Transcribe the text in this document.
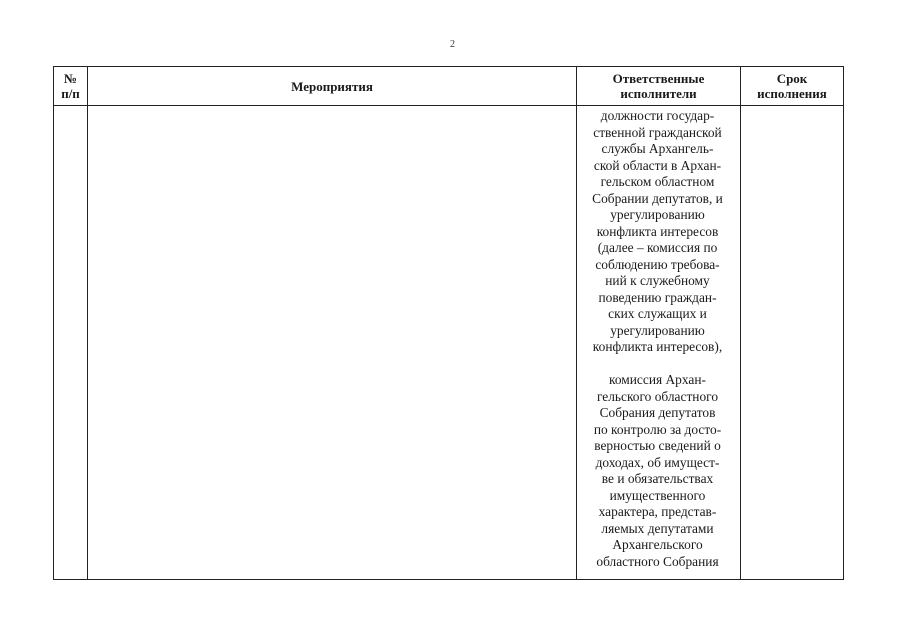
2
№
п/п	Мероприятия	Ответственные
исполнители
Срок
исполнения

должности государ-

ственной гражданской

службы Архангель-

ской области в Архан-

гельском областном

Собрании депутатов, и

урегулированию

конфликта интересов

(далее – комиссия по

соблюдению требова-

ний к служебному

поведению граждан-

ских служащих и

урегулированию

конфликта интересов),

комиссия Архан-

гельского областного

Собрания депутатов

по контролю за досто-

верностью сведений о

доходах, об имущест-

ве и обязательствах

имущественного

характера, представ-

ляемых депутатами

Архангельского

областного Собрания
